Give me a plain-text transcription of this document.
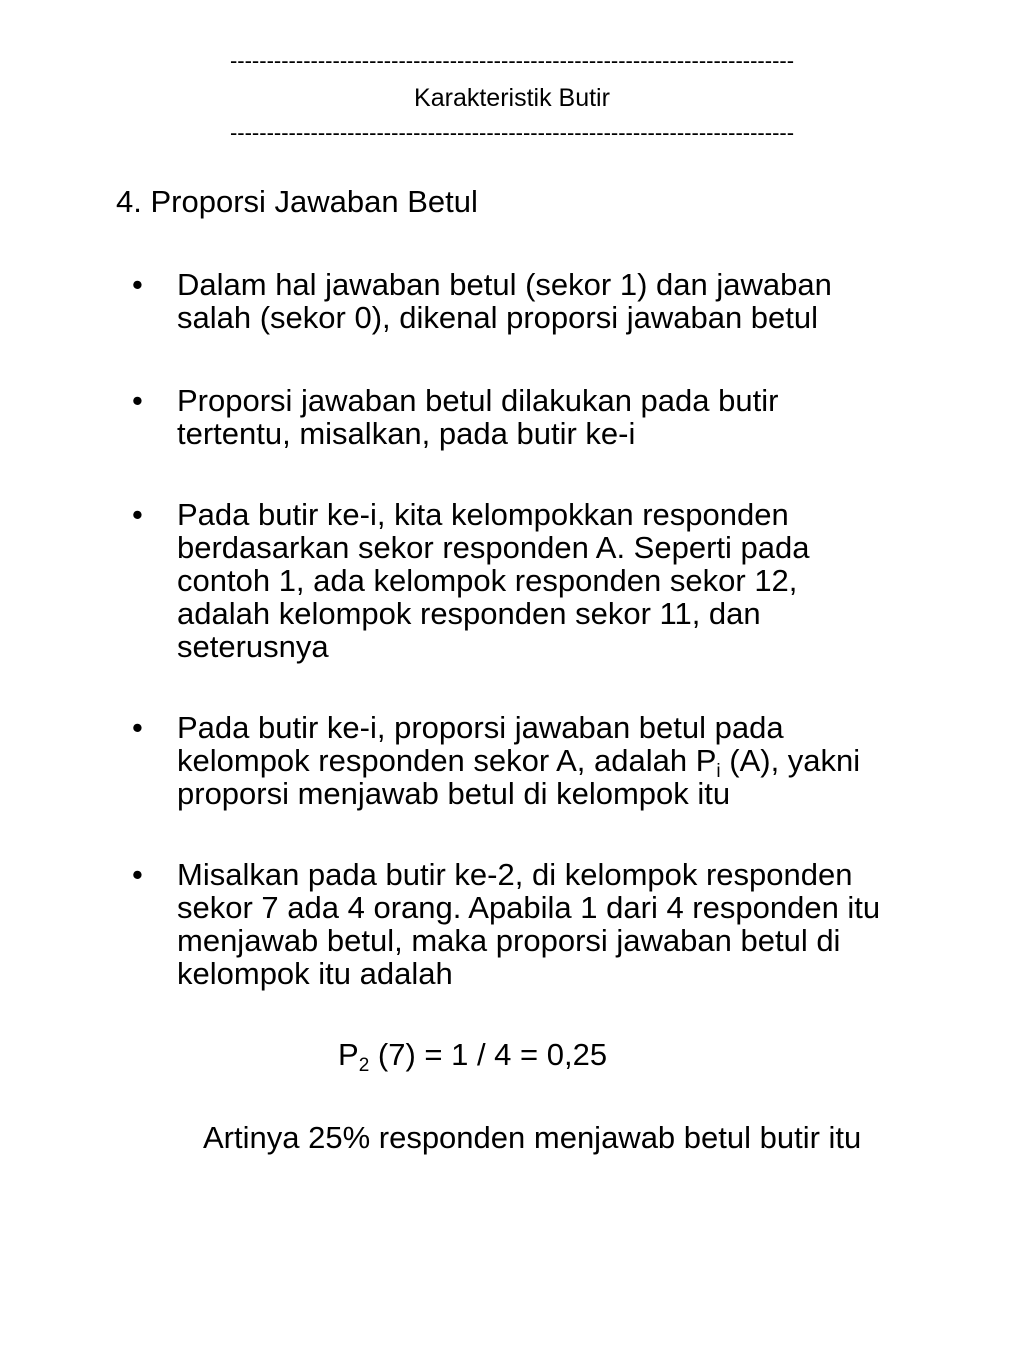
-----------------------------------------------------------------------------
Karakteristik Butir
-----------------------------------------------------------------------------
4. Proporsi Jawaban Betul
•	Dalam hal jawaban betul (sekor 1) dan jawaban
salah (sekor 0), dikenal proporsi jawaban betul
•	Proporsi jawaban betul dilakukan pada butir
tertentu, misalkan, pada butir ke-i
•	Pada butir ke-i, kita kelompokkan responden
berdasarkan sekor responden A. Seperti pada
contoh 1, ada kelompok responden sekor 12,
adalah kelompok responden sekor 11, dan
seterusnya
•	Pada butir ke-i, proporsi jawaban betul pada
kelompok responden sekor A, adalah $P_i$ (A), yakni
proporsi menjawab betul di kelompok itu
•	Misalkan pada butir ke-2, di kelompok responden
sekor 7 ada 4 orang. Apabila 1 dari 4 responden itu
menjawab betul, maka proporsi jawaban betul di
kelompok itu adalah
$P_2$ (7) = 1 / 4 = 0,25
Artinya 25% responden menjawab betul butir itu
